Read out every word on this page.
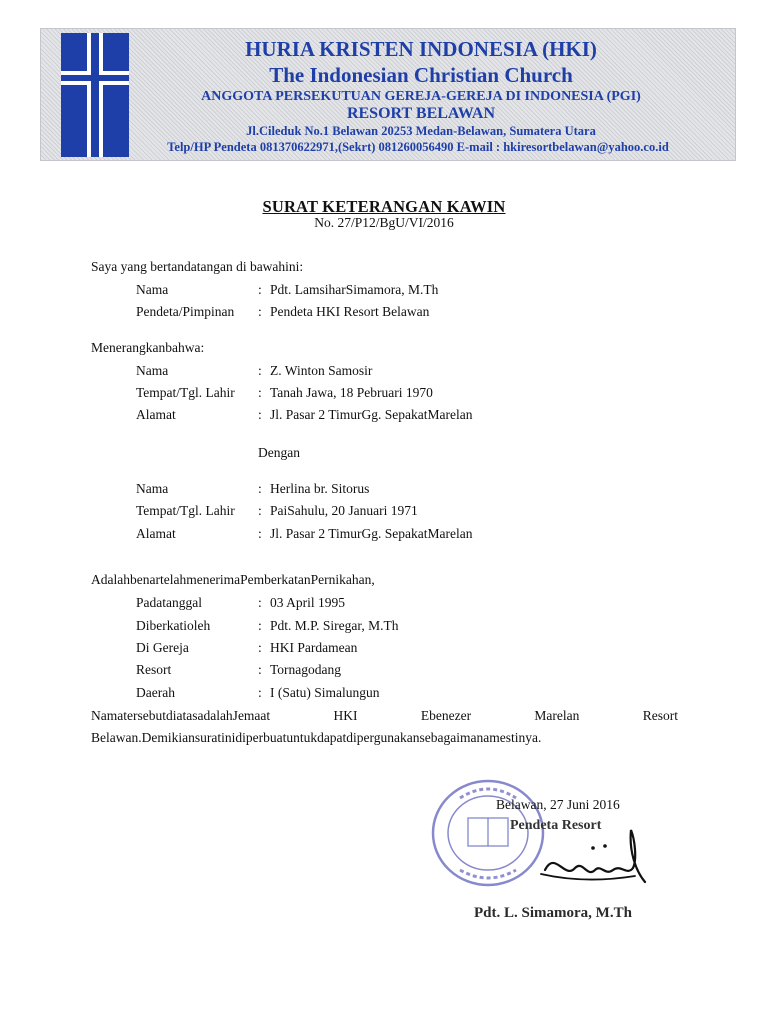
HURIA KRISTEN INDONESIA (HKI)
The Indonesian Christian Church
ANGGOTA PERSEKUTUAN GEREJA-GEREJA DI INDONESIA (PGI)
RESORT BELAWAN
Jl.Cileduk No.1 Belawan 20253 Medan-Belawan, Sumatera Utara
Telp/HP Pendeta 081370622971,(Sekrt) 081260056490 E-mail : hkiresortbelawan@yahoo.co.id
SURAT KETERANGAN KAWIN
No. 27/P12/BgU/VI/2016
Saya yang bertandatangan di bawahini:
Nama	: Pdt. LamsiharSimamora, M.Th
Pendeta/Pimpinan : Pendeta HKI Resort Belawan
Menerangkanbahwa:
Nama	: Z. Winton Samosir
Tempat/Tgl. Lahir : Tanah Jawa, 18 Pebruari 1970
Alamat	: Jl. Pasar 2 TimurGg. SepakatMarelan
Dengan
Nama	: Herlina br. Sitorus
Tempat/Tgl. Lahir : PaiSahulu, 20 Januari 1971
Alamat	: Jl. Pasar 2 TimurGg. SepakatMarelan
AdalahbenartelahmenerimaPemberkatanPernikahan,
Padatanggal	: 03 April 1995
Diberkatioleh	: Pdt. M.P. Siregar, M.Th
Di Gereja	: HKI Pardamean
Resort	: Tornagodang
Daerah	: I (Satu) Simalungun
NamatersebutdiatasadalahJemaat	HKI	Ebenezer	Marelan	Resort
Belawan.Demikiansuratinidiperbuatuntukdapatdipergunakansebagaimanamestinya.
Belawan, 27 Juni 2016
Pendeta Resort
Pdt. L. Simamora, M.Th
